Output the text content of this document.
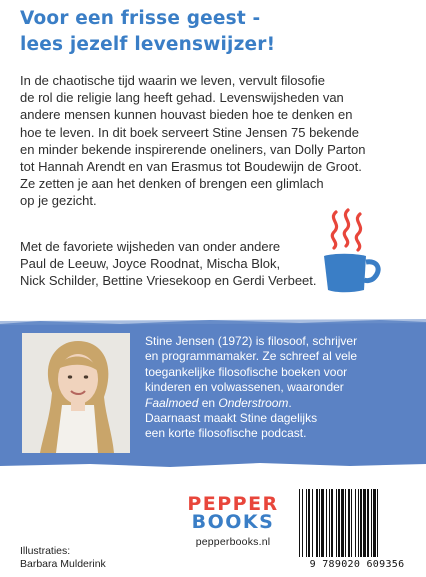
Voor een frisse geest -
lees jezelf levenswijzer!
In de chaotische tijd waarin we leven, vervult filosofie
de rol die religie lang heeft gehad. Levenswijsheden van
andere mensen kunnen houvast bieden hoe te denken en
hoe te leven. In dit boek serveert Stine Jensen 75 bekende
en minder bekende inspirerende oneliners, van Dolly Parton
tot Hannah Arendt en van Erasmus tot Boudewijn de Groot.
Ze zetten je aan het denken of brengen een glimlach
op je gezicht.
Met de favoriete wijsheden van onder andere
Paul de Leeuw, Joyce Roodnat, Mischa Blok,
Nick Schilder, Bettine Vriesekoop en Gerdi Verbeet.
Stine Jensen (1972) is filosoof, schrijver
en programmamaker. Ze schreef al vele
toegankelijke filosofische boeken voor
kinderen en volwassenen, waaronder
Faalmoed en Onderstroom.
Daarnaast maakt Stine dagelijks
een korte filosofische podcast.
Illustraties:
Barbara Mulderink
PEPPER
BOOKS
pepperbooks.nl
9 789020 609356
